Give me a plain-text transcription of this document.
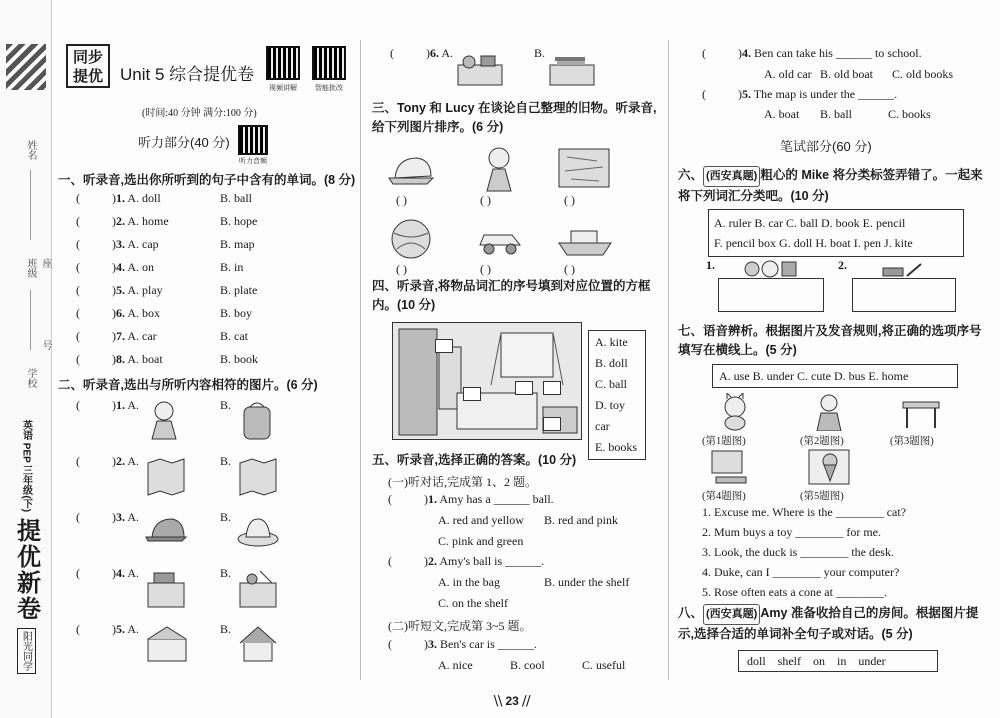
姓名
班级 座
号
学校
英语 PEP 三年级(下)
提优新卷
阳光同学
同步
提优	Unit 5 综合提优卷
视频讲解	智能批改
(时间:40 分钟 满分:100 分)
听力部分(40 分)
听力音频
一、听录音,选出你所听到的句子中含有的单词。(8 分)
(	)1. A. doll	B. ball
(	)2. A. home	B. hope
(	)3. A. cap	B. map
(	)4. A. on	B. in
(	)5. A. play	B. plate
(	)6. A. box	B. boy
(	)7. A. car	B. cat
(	)8. A. boat	B. book
二、听录音,选出与所听内容相符的图片。(6 分)
(	)1. A.	B.
(	)2. A.	B.
(	)3. A.	B.
(	)4. A.	B.
(	)5. A.	B.
(	)6. A.	B.
三、Tony 和 Lucy 在谈论自己整理的旧物。听录音,给下列图片排序。(6 分)
( )	( )	( )
( )	( )	( )
四、听录音,将物品词汇的序号填到对应位置的方框内。(10 分)
A. kite
B. doll
C. ball
D. toy car
E. books
五、听录音,选择正确的答案。(10 分)
(一)听对话,完成第 1、2 题。
(	)1. Amy has a ______ ball.
A. red and yellow B. red and pink
C. pink and green
(	)2. Amy's ball is ______.
A. in the bag	B. under the shelf
C. on the shelf
(二)听短文,完成第 3~5 题。
(	)3. Ben's car is ______.
A. nice	B. cool	C. useful
(	)4. Ben can take his ______ to school.
A. old car B. old boat C. old books
(	)5. The map is under the ______.
A. boat B. ball	C. books
笔试部分(60 分)
六、 (西安真题) 粗心的 Mike 将分类标签弄错了。一起来将下列词汇分类吧。(10 分)
A. ruler B. car C. ball D. book E. pencil
F. pencil box G. doll H. boat I. pen J. kite
1.	2.
七、语音辨析。根据图片及发音规则,将正确的选项序号填写在横线上。(5 分)
A. use B. under C. cute D. bus E. home
(第1题图)	(第2题图)	(第3题图)
(第4题图)	(第5题图)
1. Excuse me. Where is the ________ cat?
2. Mum buys a toy ________ for me.
3. Look, the duck is ________ the desk.
4. Duke, can I ________ your computer?
5. Rose often eats a cone at ________.
八、 (西安真题) Amy 准备收拾自己的房间。根据图片提示,选择合适的单词补全句子或对话。(5 分)
doll    shelf    on    in    under
⧹⧹ 23 ⧸⧸
